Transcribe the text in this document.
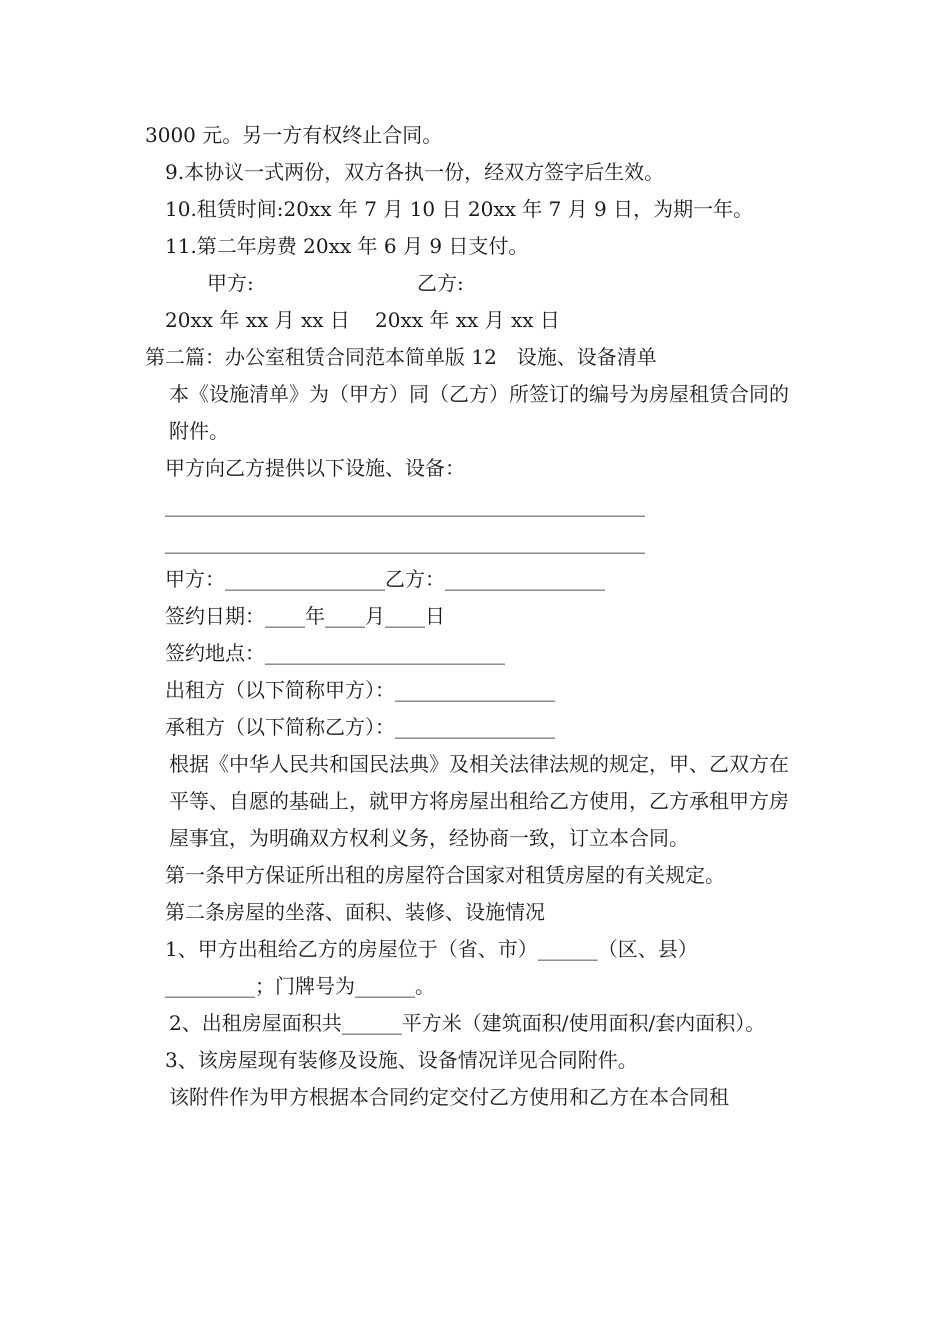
3000 元。另一方有权终止合同。

9.本协议一式两份，双方各执一份，经双方签字后生效。

10.租赁时间:20xx 年 7 月 10 日 20xx 年 7 月 9 日，为期一年。

11.第二年房费 20xx 年 6 月 9 日支付。

甲方:	乙方:
20xx 年 xx 月 xx 日	20xx 年 xx 月 xx 日

第二篇：办公室租赁合同范本简单版 12　设施、设备清单

本《设施清单》为（甲方）同（乙方）所签订的编号为房屋租赁合同的附件。

甲方向乙方提供以下设施、设备：

________________________________________________

________________________________________________

甲方：________________乙方：________________

签约日期：____年____月____日

签约地点：________________________

出租方（以下简称甲方）：________________

承租方（以下简称乙方）：________________

根据《中华人民共和国民法典》及相关法律法规的规定，甲、乙双方在平等、自愿的基础上，就甲方将房屋出租给乙方使用，乙方承租甲方房屋事宜，为明确双方权利义务，经协商一致，订立本合同。

第一条甲方保证所出租的房屋符合国家对租赁房屋的有关规定。

第二条房屋的坐落、面积、装修、设施情况

1、甲方出租给乙方的房屋位于（省、市）______（区、县）_________；门牌号为______。

2、出租房屋面积共______平方米（建筑面积/使用面积/套内面积）。

3、该房屋现有装修及设施、设备情况详见合同附件。

该附件作为甲方根据本合同约定交付乙方使用和乙方在本合同租
